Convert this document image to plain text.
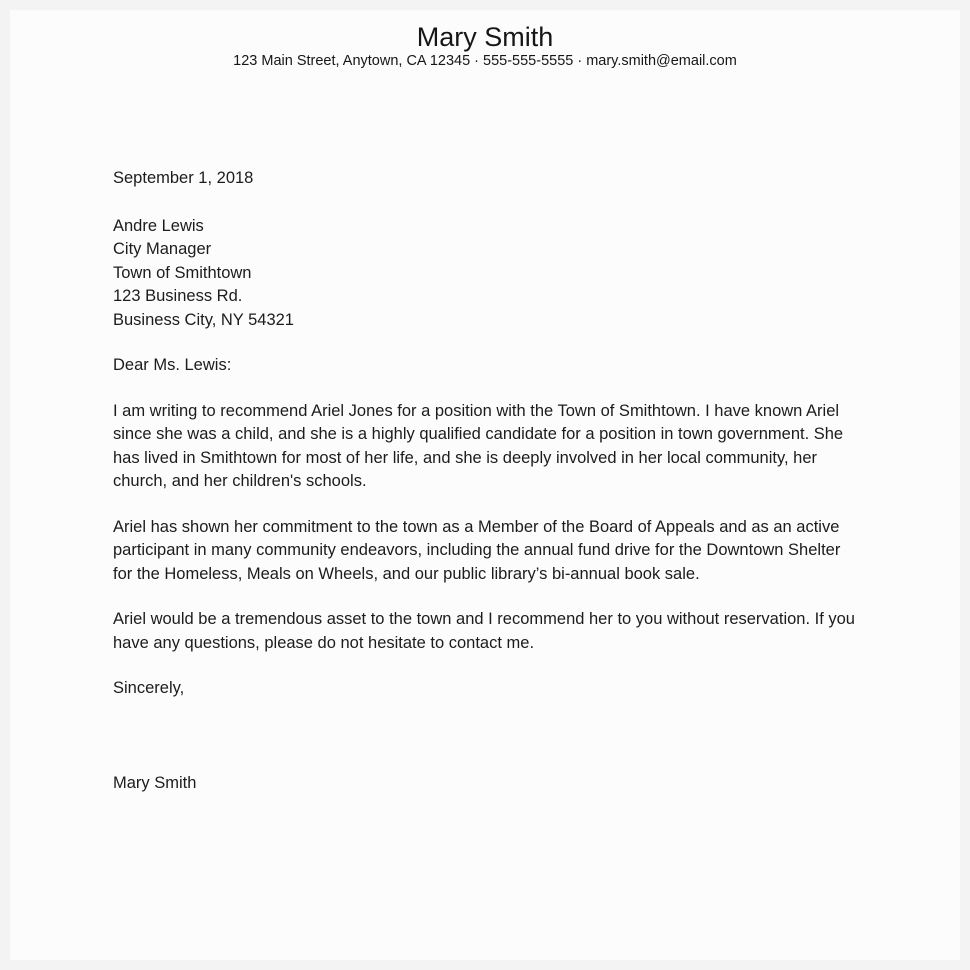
Mary Smith
123 Main Street, Anytown, CA 12345 · 555-555-5555 · mary.smith@email.com
September 1, 2018
Andre Lewis
City Manager
Town of Smithtown
123 Business Rd.
Business City, NY 54321
Dear Ms. Lewis:

I am writing to recommend Ariel Jones for a position with the Town of Smithtown. I have known Ariel since she was a child, and she is a highly qualified candidate for a position in town government. She has lived in Smithtown for most of her life, and she is deeply involved in her local community, her church, and her children's schools.

Ariel has shown her commitment to the town as a Member of the Board of Appeals and as an active participant in many community endeavors, including the annual fund drive for the Downtown Shelter for the Homeless, Meals on Wheels, and our public library’s bi-annual book sale.

Ariel would be a tremendous asset to the town and I recommend her to you without reservation. If you have any questions, please do not hesitate to contact me.

Sincerely,
Mary Smith
